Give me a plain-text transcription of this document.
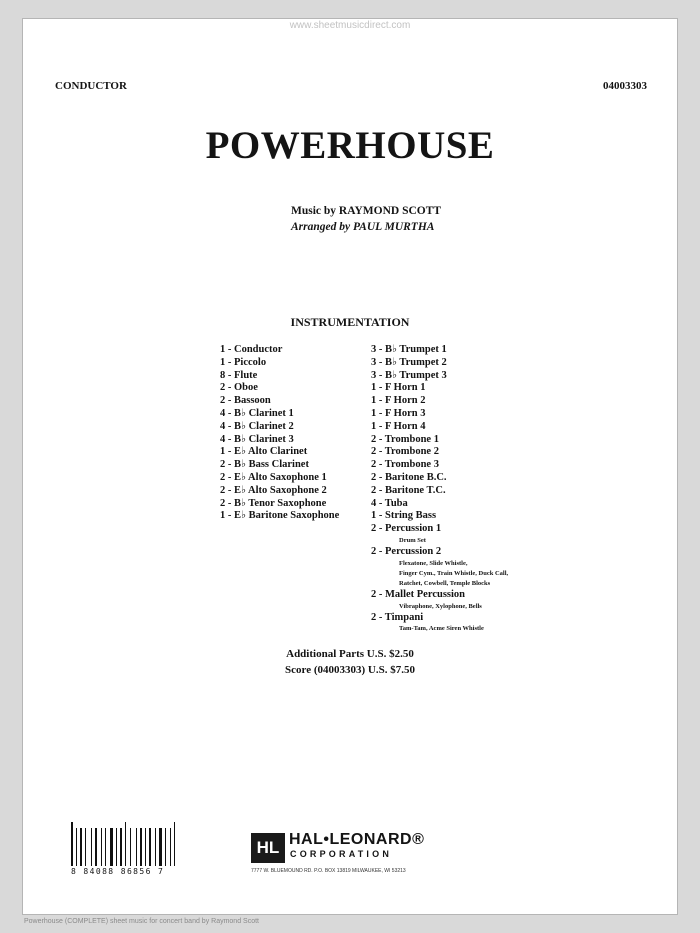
www.sheetmusicdirect.com
CONDUCTOR	04003303
POWERHOUSE
Music by RAYMOND SCOTT
Arranged by PAUL MURTHA
INSTRUMENTATION
1 - Conductor
1 - Piccolo
8 - Flute
2 - Oboe
2 - Bassoon
4 - B♭ Clarinet 1
4 - B♭ Clarinet 2
4 - B♭ Clarinet 3
1 - E♭ Alto Clarinet
2 - B♭ Bass Clarinet
2 - E♭ Alto Saxophone 1
2 - E♭ Alto Saxophone 2
2 - B♭ Tenor Saxophone
1 - E♭ Baritone Saxophone
3 - B♭ Trumpet 1
3 - B♭ Trumpet 2
3 - B♭ Trumpet 3
1 - F Horn 1
1 - F Horn 2
1 - F Horn 3
1 - F Horn 4
2 - Trombone 1
2 - Trombone 2
2 - Trombone 3
2 - Baritone B.C.
2 - Baritone T.C.
4 - Tuba
1 - String Bass
2 - Percussion 1
Drum Set
2 - Percussion 2
Flexatone, Slide Whistle,
Finger Cym., Train Whistle, Duck Call,
Ratchet, Cowbell, Temple Blocks
2 - Mallet Percussion
Vibraphone, Xylophone, Bells
2 - Timpani
Tam-Tam, Acme Siren Whistle
Additional Parts U.S. $2.50
Score (04003303) U.S. $7.50
8 84088 86856 7
HL HAL•LEONARD®
CORPORATION
7777 W. BLUEMOUND RD. P.O. BOX 13819 MILWAUKEE, WI 53213
Powerhouse (COMPLETE) sheet music for concert band by Raymond Scott
